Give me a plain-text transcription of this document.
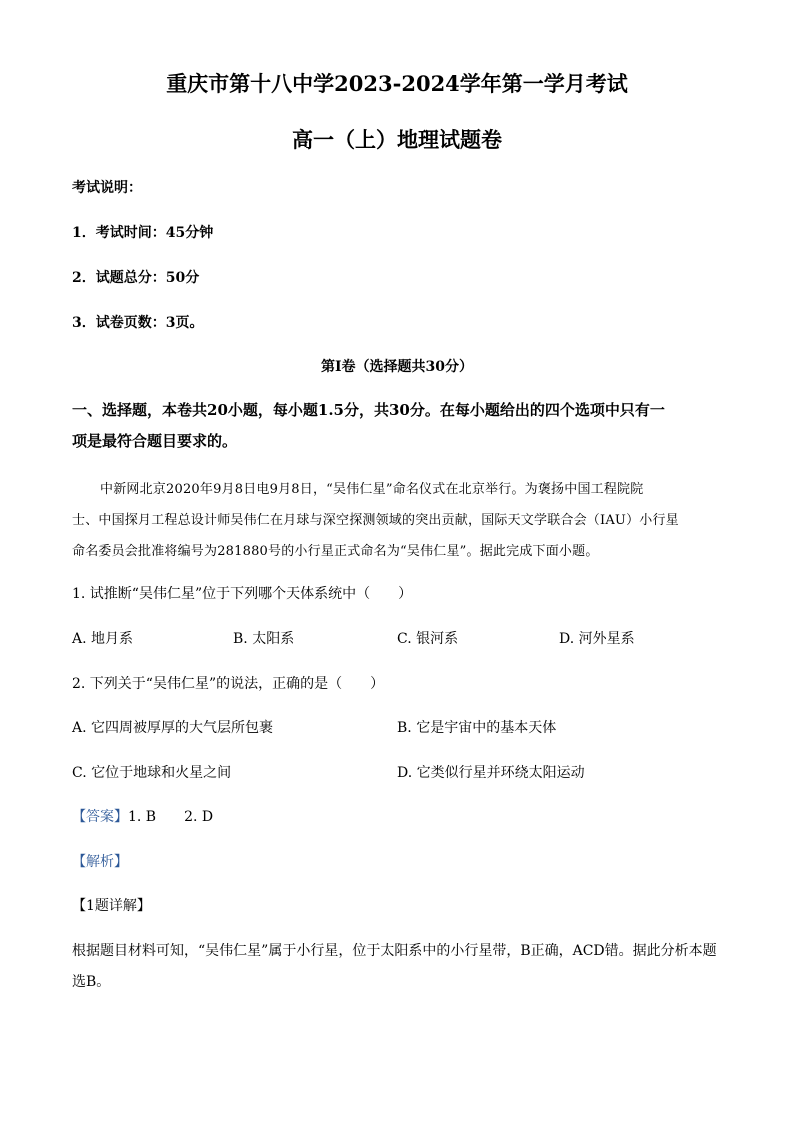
重庆市第十八中学2023-2024学年第一学月考试
高一（上）地理试题卷
考试说明：
1．考试时间：45分钟
2．试题总分：50分
3．试卷页数：3页。
第Ⅰ卷（选择题共30分）
一、选择题，本卷共20小题，每小题1.5分，共30分。在每小题给出的四个选项中只有一
项是最符合题目要求的。
中新网北京2020年9月8日电9月8日，“吴伟仁星”命名仪式在北京举行。为褒扬中国工程院院
士、中国探月工程总设计师吴伟仁在月球与深空探测领域的突出贡献，国际天文学联合会（IAU）小行星
命名委员会批准将编号为281880号的小行星正式命名为“吴伟仁星”。据此完成下面小题。
1. 试推断“吴伟仁星”位于下列哪个天体系统中（　　）
A. 地月系	B. 太阳系	C. 银河系	D. 河外星系
2. 下列关于“吴伟仁星”的说法，正确的是（　　）
A. 它四周被厚厚的大气层所包裹	B. 它是宇宙中的基本天体
C. 它位于地球和火星之间	D. 它类似行星并环绕太阳运动
【答案】1. B　　2. D
【解析】
【1题详解】
根据题目材料可知，“吴伟仁星”属于小行星，位于太阳系中的小行星带，B正确，ACD错。据此分析本题
选B。
